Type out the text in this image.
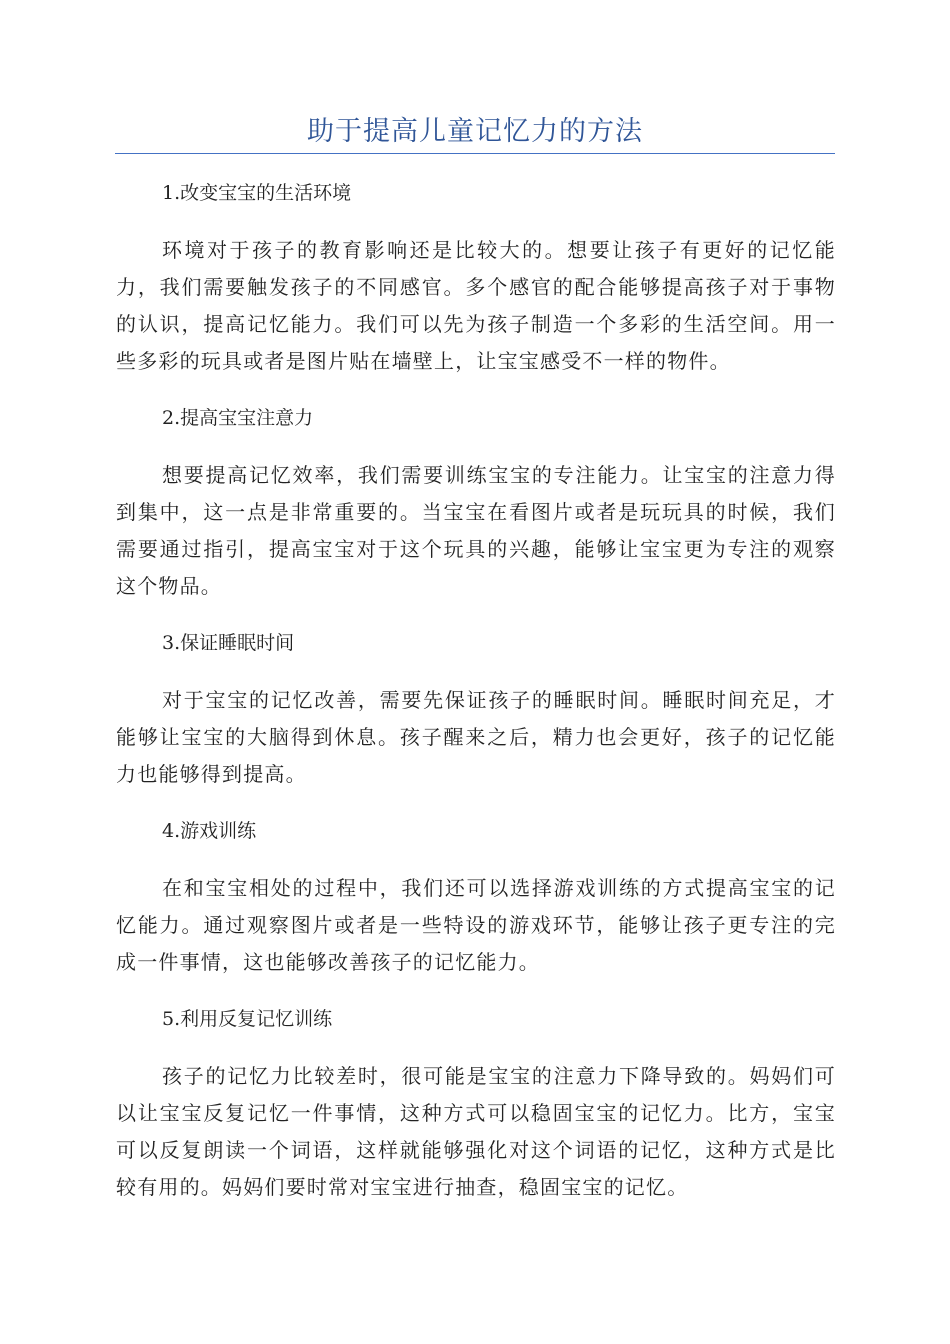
助于提高儿童记忆力的方法
1.改变宝宝的生活环境

环境对于孩子的教育影响还是比较大的。想要让孩子有更好的记忆能力，我们需要触发孩子的不同感官。多个感官的配合能够提高孩子对于事物的认识，提高记忆能力。我们可以先为孩子制造一个多彩的生活空间。用一些多彩的玩具或者是图片贴在墙壁上，让宝宝感受不一样的物件。

2.提高宝宝注意力

想要提高记忆效率，我们需要训练宝宝的专注能力。让宝宝的注意力得到集中，这一点是非常重要的。当宝宝在看图片或者是玩玩具的时候，我们需要通过指引，提高宝宝对于这个玩具的兴趣，能够让宝宝更为专注的观察这个物品。

3.保证睡眠时间

对于宝宝的记忆改善，需要先保证孩子的睡眠时间。睡眠时间充足，才能够让宝宝的大脑得到休息。孩子醒来之后，精力也会更好，孩子的记忆能力也能够得到提高。

4.游戏训练

在和宝宝相处的过程中，我们还可以选择游戏训练的方式提高宝宝的记忆能力。通过观察图片或者是一些特设的游戏环节，能够让孩子更专注的完成一件事情，这也能够改善孩子的记忆能力。

5.利用反复记忆训练

孩子的记忆力比较差时，很可能是宝宝的注意力下降导致的。妈妈们可以让宝宝反复记忆一件事情，这种方式可以稳固宝宝的记忆力。比方，宝宝可以反复朗读一个词语，这样就能够强化对这个词语的记忆，这种方式是比较有用的。妈妈们要时常对宝宝进行抽查，稳固宝宝的记忆。
